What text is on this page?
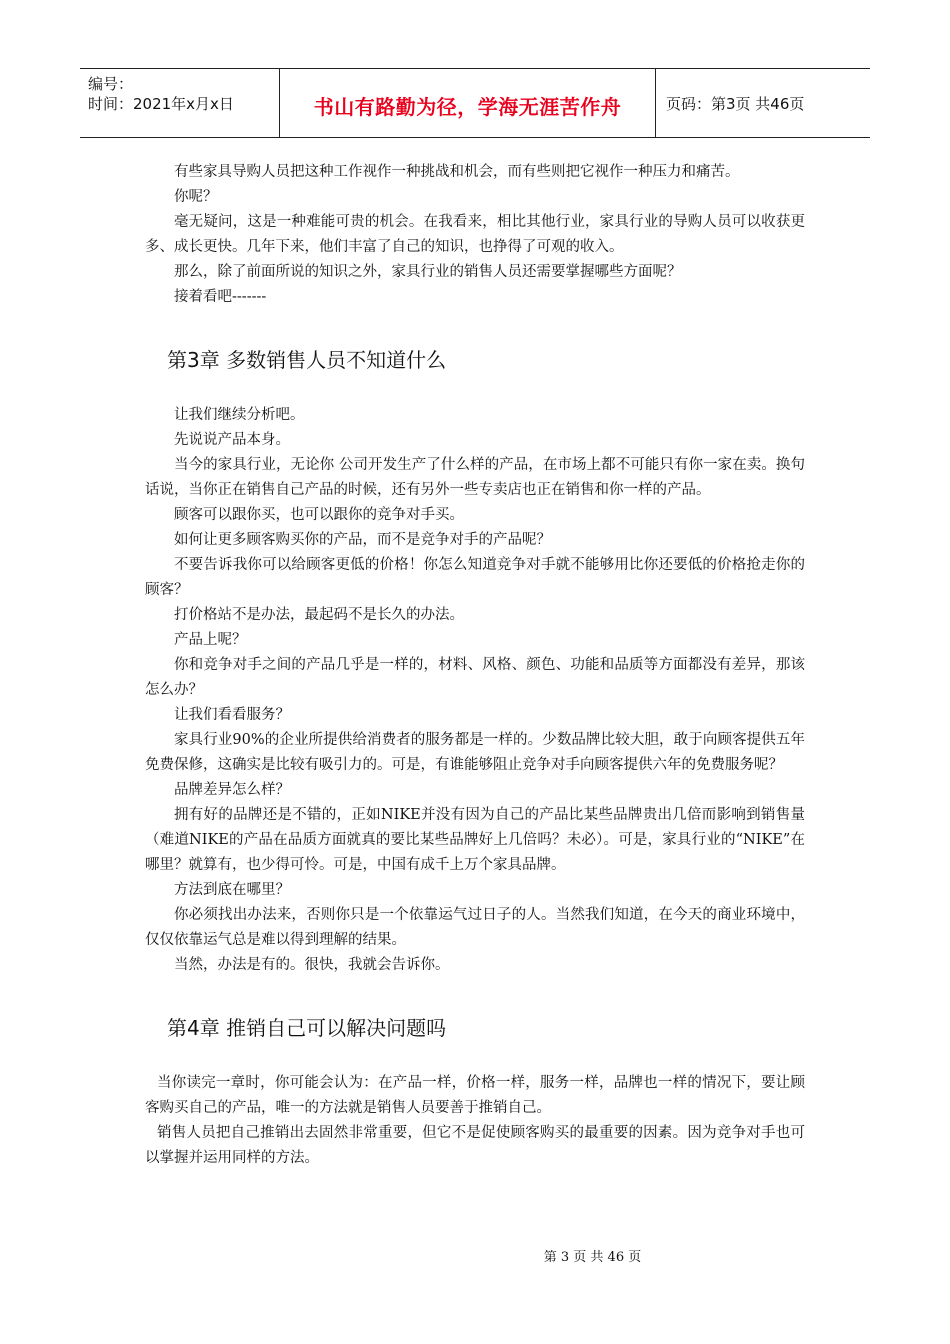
编号：
时间：2021年x月x日	书山有路勤为径，学海无涯苦作舟	页码：第3页 共46页

有些家具导购人员把这种工作视作一种挑战和机会，而有些则把它视作一种压力和痛苦。

你呢？

毫无疑问，这是一种难能可贵的机会。在我看来，相比其他行业，家具行业的导购人员可以收获更多、成长更快。几年下来，他们丰富了自己的知识，也挣得了可观的收入。

那么，除了前面所说的知识之外，家具行业的销售人员还需要掌握哪些方面呢？

接着看吧-------

第3章 多数销售人员不知道什么

让我们继续分析吧。

先说说产品本身。

当今的家具行业，无论你 公司开发生产了什么样的产品，在市场上都不可能只有你一家在卖。换句话说，当你正在销售自己产品的时候，还有另外一些专卖店也正在销售和你一样的产品。

顾客可以跟你买，也可以跟你的竞争对手买。

如何让更多顾客购买你的产品，而不是竞争对手的产品呢？

不要告诉我你可以给顾客更低的价格！你怎么知道竞争对手就不能够用比你还要低的价格抢走你的顾客？

打价格站不是办法，最起码不是长久的办法。

产品上呢？

你和竞争对手之间的产品几乎是一样的，材料、风格、颜色、功能和品质等方面都没有差异，那该怎么办？

让我们看看服务？

家具行业90%的企业所提供给消费者的服务都是一样的。少数品牌比较大胆，敢于向顾客提供五年免费保修，这确实是比较有吸引力的。可是，有谁能够阻止竞争对手向顾客提供六年的免费服务呢？

品牌差异怎么样？

拥有好的品牌还是不错的，正如NIKE并没有因为自己的产品比某些品牌贵出几倍而影响到销售量（难道NIKE的产品在品质方面就真的要比某些品牌好上几倍吗？未必）。可是，家具行业的“NIKE”在哪里？就算有，也少得可怜。可是，中国有成千上万个家具品牌。

方法到底在哪里？

你必须找出办法来，否则你只是一个依靠运气过日子的人。当然我们知道，在今天的商业环境中，仅仅依靠运气总是难以得到理解的结果。

当然，办法是有的。很快，我就会告诉你。

第4章 推销自己可以解决问题吗

当你读完一章时，你可能会认为：在产品一样，价格一样，服务一样，品牌也一样的情况下，要让顾客购买自己的产品，唯一的方法就是销售人员要善于推销自己。

销售人员把自己推销出去固然非常重要，但它不是促使顾客购买的最重要的因素。因为竞争对手也可以掌握并运用同样的方法。

第 3 页 共 46 页
